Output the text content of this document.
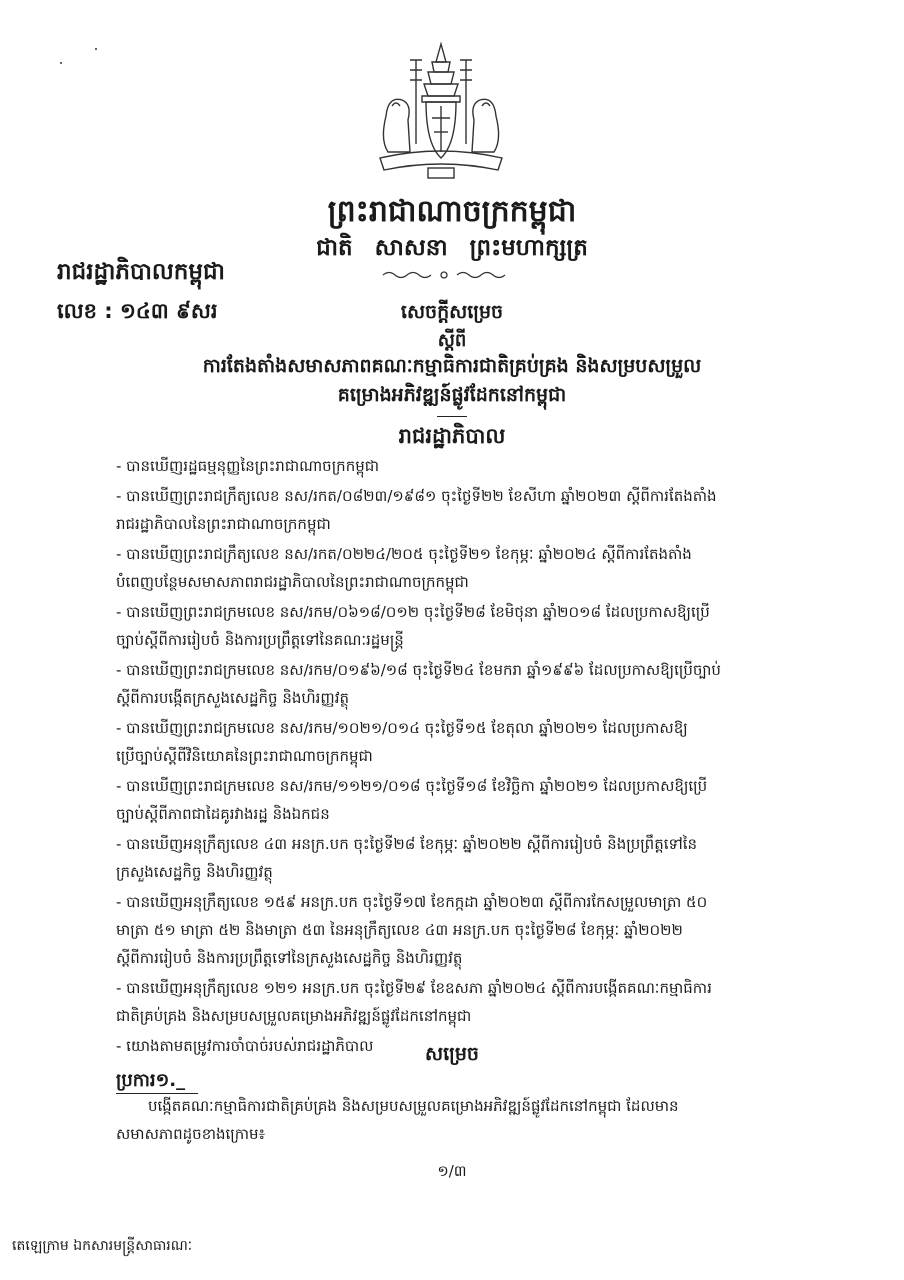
ព្រះរាជាណាចក្រកម្ពុជា
ជាតិ សាសនា ព្រះមហាក្សត្រ
រាជរដ្ឋាភិបាលកម្ពុជា
លេខ : ១៤៣ ៩សរ	សេចក្ដីសម្រេច
ស្ដីពី
ការតែងតាំងសមាសភាពគណៈកម្មាធិការជាតិគ្រប់គ្រង និងសម្របសម្រួល
គម្រោងអភិវឌ្ឍន៍ផ្លូវដែកនៅកម្ពុជា
រាជរដ្ឋាភិបាល
- បានឃើញរដ្ឋធម្មនុញ្ញនៃព្រះរាជាណាចក្រកម្ពុជា
- បានឃើញព្រះរាជក្រឹត្យលេខ នស/រកត/០៨២៣/១៩៨១ ចុះថ្ងៃទី២២ ខែសីហា ឆ្នាំ២០២៣ ស្ដីពីការតែងតាំង
រាជរដ្ឋាភិបាលនៃព្រះរាជាណាចក្រកម្ពុជា
- បានឃើញព្រះរាជក្រឹត្យលេខ នស/រកត/០២២៤/២០៥ ចុះថ្ងៃទី២១ ខែកុម្ភៈ ឆ្នាំ២០២៤ ស្ដីពីការតែងតាំង
បំពេញបន្ថែមសមាសភាពរាជរដ្ឋាភិបាលនៃព្រះរាជាណាចក្រកម្ពុជា
- បានឃើញព្រះរាជក្រមលេខ នស/រកម/០៦១៨/០១២ ចុះថ្ងៃទី២៨ ខែមិថុនា ឆ្នាំ២០១៨ ដែលប្រកាសឱ្យប្រើ
ច្បាប់ស្ដីពីការរៀបចំ និងការប្រព្រឹត្តទៅនៃគណៈរដ្ឋមន្ត្រី
- បានឃើញព្រះរាជក្រមលេខ នស/រកម/០១៩៦/១៨ ចុះថ្ងៃទី២៤ ខែមករា ឆ្នាំ១៩៩៦ ដែលប្រកាសឱ្យប្រើច្បាប់
ស្ដីពីការបង្កើតក្រសួងសេដ្ឋកិច្ច និងហិរញ្ញវត្ថុ
- បានឃើញព្រះរាជក្រមលេខ នស/រកម/១០២១/០១៤ ចុះថ្ងៃទី១៥ ខែតុលា ឆ្នាំ២០២១ ដែលប្រកាសឱ្យ
ប្រើច្បាប់ស្ដីពីវិនិយោគនៃព្រះរាជាណាចក្រកម្ពុជា
- បានឃើញព្រះរាជក្រមលេខ នស/រកម/១១២១/០១៨ ចុះថ្ងៃទី១៨ ខែវិច្ឆិកា ឆ្នាំ២០២១ ដែលប្រកាសឱ្យប្រើ
ច្បាប់ស្ដីពីភាពជាដៃគូរវាងរដ្ឋ និងឯកជន
- បានឃើញអនុក្រឹត្យលេខ ៤៣ អនក្រ.បក ចុះថ្ងៃទី២៨ ខែកុម្ភៈ ឆ្នាំ២០២២ ស្ដីពីការរៀបចំ និងប្រព្រឹត្តទៅនៃ
ក្រសួងសេដ្ឋកិច្ច និងហិរញ្ញវត្ថុ
- បានឃើញអនុក្រឹត្យលេខ ១៥៩ អនក្រ.បក ចុះថ្ងៃទី១៧ ខែកក្កដា ឆ្នាំ២០២៣ ស្ដីពីការកែសម្រួលមាត្រា ៥០
មាត្រា ៥១ មាត្រា ៥២ និងមាត្រា ៥៣ នៃអនុក្រឹត្យលេខ ៤៣ អនក្រ.បក ចុះថ្ងៃទី២៨ ខែកុម្ភៈ ឆ្នាំ២០២២
ស្ដីពីការរៀបចំ និងការប្រព្រឹត្តទៅនៃក្រសួងសេដ្ឋកិច្ច និងហិរញ្ញវត្ថុ
- បានឃើញអនុក្រឹត្យលេខ ១២១ អនក្រ.បក ចុះថ្ងៃទី២៩ ខែឧសភា ឆ្នាំ២០២៤ ស្ដីពីការបង្កើតគណៈកម្មាធិការ
ជាតិគ្រប់គ្រង និងសម្របសម្រួលគម្រោងអភិវឌ្ឍន៍ផ្លូវដែកនៅកម្ពុជា
- យោងតាមតម្រូវការចាំបាច់របស់រាជរដ្ឋាភិបាល	សម្រេច
ប្រការ១._
បង្កើតគណៈកម្មាធិការជាតិគ្រប់គ្រង និងសម្របសម្រួលគម្រោងអភិវឌ្ឍន៍ផ្លូវដែកនៅកម្ពុជា ដែលមាន
សមាសភាពដូចខាងក្រោម៖
១/៣
តេឡេក្រាម ឯកសារមន្ត្រីសាធារណៈ
